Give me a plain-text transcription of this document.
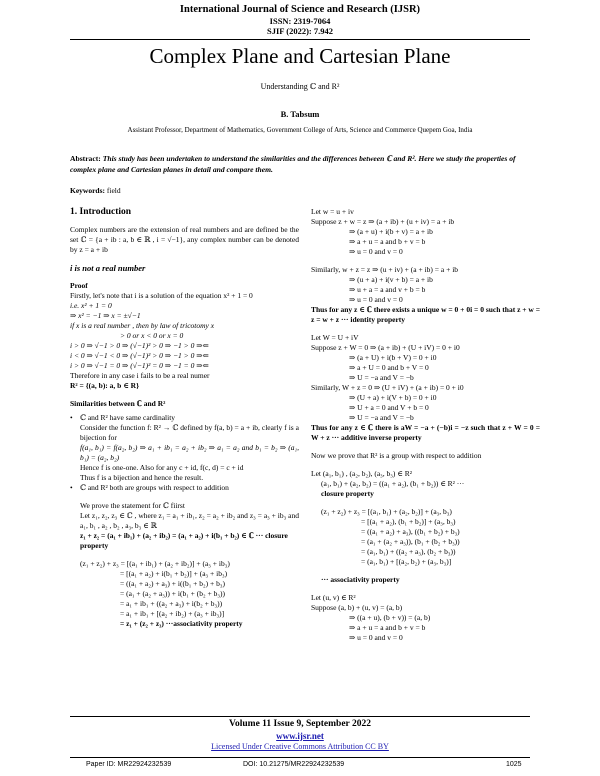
International Journal of Science and Research (IJSR)
ISSN: 2319-7064
SJIF (2022): 7.942
Complex Plane and Cartesian Plane
Understanding ℂ and R²
B. Tabsum
Assistant Professor, Department of Mathematics, Government College of Arts, Science and Commerce Quepem Goa, India
Abstract: This study has been undertaken to understand the similarities and the differences between ℂ and R². Here we study the properties of complex plane and Cartesian planes in detail and compare them.
Keywords: field
1. Introduction

Complex numbers are the extension of real numbers and are defined be the set ℂ = {a + ib : a, b ∈ ℝ , i = √−1}, any complex number can be denoted by z = a + ib

i is not a real number

Proof

Firstly, let's note that i is a solution of the equation x² + 1 = 0

i.e. x² + 1 = 0

⇒ x² = −1 ⇒ x = ±√−1

if x is a real number , then by law of tricotomy x

> 0 or x < 0 or x = 0

i > 0 ⇒ √−1 > 0 ⇒ (√−1)² > 0 ⇒ −1 > 0 ⇒⇐

i < 0 ⇒ √−1 < 0 ⇒ (√−1)² > 0 ⇒ −1 > 0 ⇒⇐

i > 0 ⇒ √−1 = 0 ⇒ (√−1)² = 0 ⇒ −1 = 0 ⇒⇐

Therefore in any case i fails to be a real numer

R² = {(a, b): a, b ∈ R}

Similarities between ℂ and R²

• ℂ and R² have same cardinality

Consider the function f: R² → ℂ defined by f(a, b) = a + ib, clearly f is a bijection for

f(a₁, b₁) = f(a₂, b₂) ⇒ a₁ + ib₁ = a₂ + ib₂ ⇒ a₁ = a₂ and b₁ = b₂ ⇒ (a₁, b₁) = (a₂, b₂)

Hence f is one-one. Also for any c + id, f(c, d) = c + id

Thus f is a bijection and hence the result.

• ℂ and R² both are groups with respect to addition

We prove the statement for ℂ fiirst

Let z₁, z₂, z₃ ∈ ℂ , where z₁ = a₁ + ib₁, z₂ = a₂ + ib₂ and z₃ = a₃ + ib₃ and a₁, b₁ , a₂ , b₂ , a₃, b₃ ∈ ℝ

z₁ + z₂ = (a₁ + ib₁) + (a₂ + ib₂) = (a₁ + a₂) + i(b₁ + b₂) ∈ ℂ ··· closure property

(z₁ + z₂) + z₃ = [(a₁ + ib₁) + (a₂ + ib₂)] + (a₃ + ib₃)

= [(a₁ + a₂) + i(b₁ + b₂)] + (a₃ + ib₃)

= ((a₁ + a₂) + a₃) + i((b₁ + b₂) + b₃)

= (a₁ + (a₂ + a₃)) + i(b₁ + (b₂ + b₃))

= a₁ + ib₁ + ((a₂ + a₃) + i(b₂ + b₃))

= a₁ + ib₁ + [(a₂ + ib₂) + (a₃ + ib₃)]

= z₁ + (z₂ + z₃) ···associativity property

Let w = u + iv

Suppose z + w = z ⇒ (a + ib) + (u + iv) = a + ib

⇒ (a + u) + i(b + v) = a + ib

⇒ a + u = a and b + v = b

⇒ u = 0 and v = 0

Similarly, w + z = z ⇒ (u + iv) + (a + ib) = a + ib

⇒ (u + a) + i(v + b) = a + ib

⇒ u + a = a and v + b = b

⇒ u = 0 and v = 0

Thus for any z ∈ ℂ there exists a unique w = 0 + 0i = 0 such that z + w = z = w + z ··· identity property

Let W = U + iV

Suppose z + W = 0 ⇒ (a + ib) + (U + iV) = 0 + i0

⇒ (a + U) + i(b + V) = 0 + i0

⇒ a + U = 0 and b + V = 0

⇒ U = −a and V = −b

Similarly, W + z = 0 ⇒ (U + iV) + (a + ib) = 0 + i0

⇒ (U + a) + i(V + b) = 0 + i0

⇒ U + a = 0 and V + b = 0

⇒ U = −a and V = −b

Thus for any z ∈ ℂ there is aW = −a + (−b)i = −z such that z + W = 0 = W + z ··· additive inverse property

Now we prove that R² is a group with respect to addition

Let (a₁, b₁) , (a₂, b₂), (a₃, b₃) ∈ R²

(a₁, b₁) + (a₂, b₂) = ((a₁ + a₂), (b₁ + b₂)) ∈ R² ···

closure property

(z₁ + z₂) + z₃ = [(a₁, b₁) + (a₂, b₂)] + (a₃, b₃)

= [(a₁ + a₂), (b₁ + b₂)] + (a₃, b₃)

= ((a₁ + a₂) + a₃), ((b₁ + b₂) + b₃)

= (a₁ + (a₂ + a₃)), (b₁ + (b₂ + b₃))

= (a₁, b₁) + ((a₂ + a₃), (b₂ + b₃))

= (a₁, b₁) + [(a₂, b₂) + (a₃, b₃)]

··· associativity property

Let (u, v) ∈ R²

Suppose (a, b) + (u, v) = (a, b)

⇒ ((a + u), (b + v)) = (a, b)

⇒ a + u = a and b + v = b

⇒ u = 0 and v = 0

Volume 11 Issue 9, September 2022
www.ijsr.net
Licensed Under Creative Commons Attribution CC BY
Paper ID: MR22924232539	DOI: 10.21275/MR22924232539	1025
